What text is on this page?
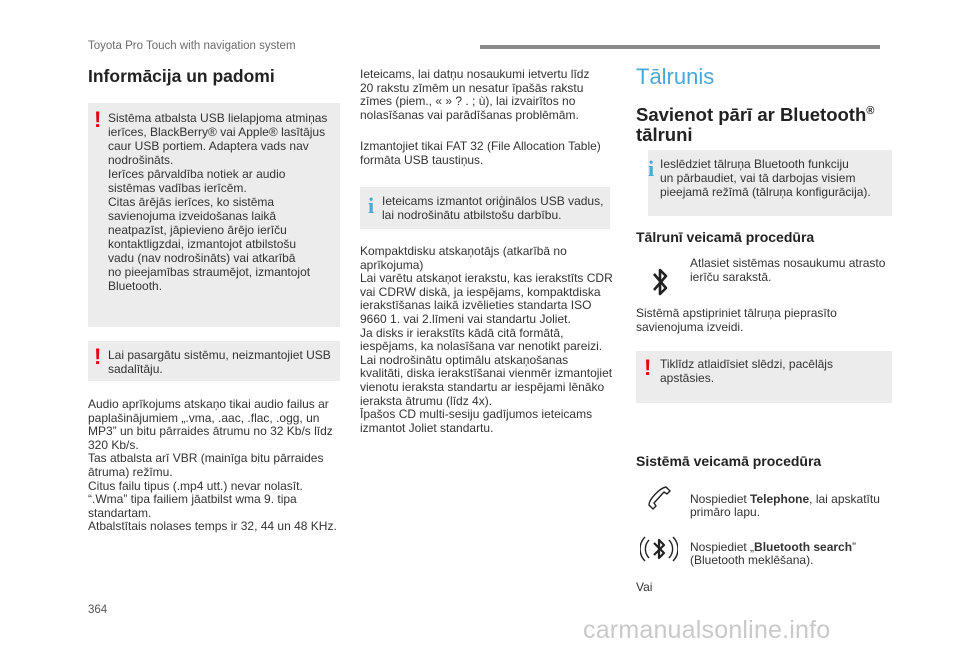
Toyota Pro Touch with navigation system
Informācija un padomi
! Sistēma atbalsta USB lielapjoma atmiņas
ierīces, BlackBerry® vai Apple® lasītājus
caur USB portiem. Adaptera vads nav
nodrošināts.
Ierīces pārvaldība notiek ar audio
sistēmas vadības ierīcēm.
Citas ārējās ierīces, ko sistēma
savienojuma izveidošanas laikā
neatpazīst, jāpievieno ārējo ierīču
kontaktligzdai, izmantojot atbilstošu
vadu (nav nodrošināts) vai atkarībā
no pieejamības straumējot, izmantojot
Bluetooth.
! Lai pasargātu sistēmu, neizmantojiet USB
sadalītāju.
Audio aprīkojums atskaņo tikai audio failus ar
paplašinājumiem „.vma, .aac, .flac, .ogg, un
MP3” un bitu pārraides ātrumu no 32 Kb/s līdz
320 Kb/s.
Tas atbalsta arī VBR (mainīga bitu pārraides
ātruma) režīmu.
Citus failu tipus (.mp4 utt.) nevar nolasīt.
“.Wma” tipa failiem jāatbilst wma 9. tipa
standartam.
Atbalstītais nolases temps ir 32, 44 un 48 KHz.
Ieteicams, lai datņu nosaukumi ietvertu līdz
20 rakstu zīmēm un nesatur īpašās rakstu
zīmes (piem., « » ? . ; ù), lai izvairītos no
nolasīšanas vai parādīšanas problēmām.
Izmantojiet tikai FAT 32 (File Allocation Table)
formāta USB taustiņus.
i Ieteicams izmantot oriģinālos USB vadus,
lai nodrošinātu atbilstošu darbību.
Kompaktdisku atskaņotājs (atkarībā no
aprīkojuma)
Lai varētu atskaņot ierakstu, kas ierakstīts CDR
vai CDRW diskā, ja iespējams, kompaktdiska
ierakstīšanas laikā izvēlieties standarta ISO
9660 1. vai 2.līmeni vai standartu Joliet.
Ja disks ir ierakstīts kādā citā formātā,
iespējams, ka nolasīšana var nenotikt pareizi.
Lai nodrošinātu optimālu atskaņošanas
kvalitāti, diska ierakstīšanai vienmēr izmantojiet
vienotu ieraksta standartu ar iespējami lēnāko
ieraksta ātrumu (līdz 4x).
Īpašos CD multi-sesiju gadījumos ieteicams
izmantot Joliet standartu.
Tālrunis
Savienot pārī ar Bluetooth®
tālruni
i Ieslēdziet tālruņa Bluetooth funkciju
un pārbaudiet, vai tā darbojas visiem
pieejamā režīmā (tālruņa konfigurācija).
Tālrunī veicamā procedūra
Atlasiet sistēmas nosaukumu atrasto
ierīču sarakstā.
Sistēmā apstipriniet tālruņa pieprasīto
savienojuma izveidi.
! Tiklīdz atlaidīsiet slēdzi, pacēlājs
apstāsies.
Sistēmā veicamā procedūra

Nospiediet Telephone, lai apskatītu
primāro lapu.

Nospiediet „Bluetooth search”
(Bluetooth meklēšana).

Vai
364
carmanualsonline.info
